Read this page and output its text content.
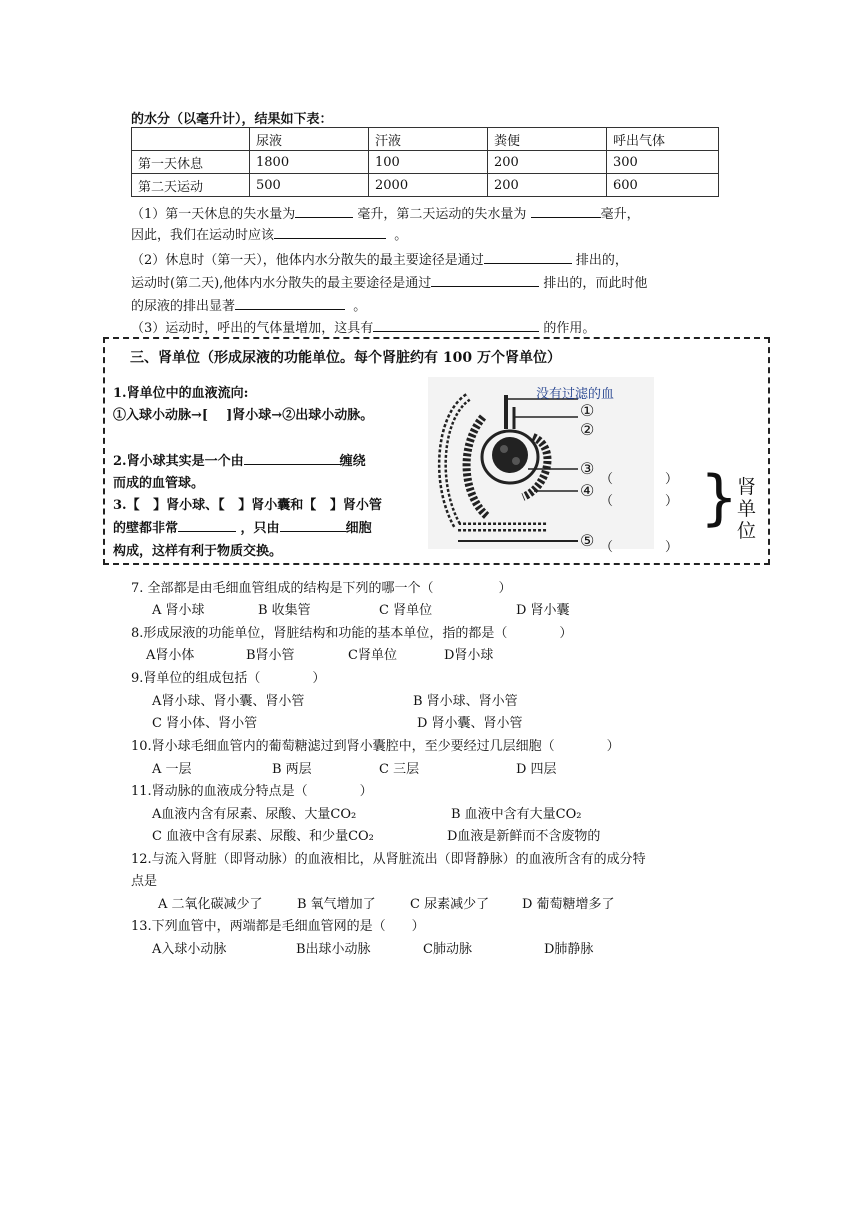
的水分（以毫升计），结果如下表：
	尿液	汗液	粪便	呼出气体
第一天休息	1800	100	200	300
第二天运动	500	2000	200	600
（1）第一天休息的失水量为	毫升，第二天运动的失水量为	毫升，
因此，我们在运动时应该	。
（2）休息时（第一天），他体内水分散失的最主要途径是通过	排出的，
运动时(第二天),他体内水分散失的最主要途径是通过	排出的，而此时他
的尿液的排出显著	。
（3）运动时，呼出的气体量增加，这具有	的作用。
三、肾单位（形成尿液的功能单位。每个肾脏约有 100 万个肾单位）
1.肾单位中的血液流向:
①入球小动脉→[ ]肾小球→②出球小动脉。
2.肾小球其实是一个由	缠绕
而成的血管球。
3.【 】肾小球、【 】肾小囊和【 】肾小管
的壁都非常	，只由	细胞
构成，这样有利于物质交换。
没有过滤的血
①
②
③
④
⑤
（　　　　）
（　　　　）
（　　　　）
}
肾单位
7. 全部都是由毛细血管组成的结构是下列的哪一个（　　　　　）
A 肾小球	B 收集管	C 肾单位	D 肾小囊
8.形成尿液的功能单位，肾脏结构和功能的基本单位，指的都是（　　　　）
A肾小体	B肾小管	C肾单位	D肾小球
9.肾单位的组成包括（　　　　）
A肾小球、肾小囊、肾小管	B 肾小球、肾小管
C 肾小体、肾小管	D 肾小囊、肾小管
10.肾小球毛细血管内的葡萄糖滤过到肾小囊腔中，至少要经过几层细胞（　　　　）
A 一层	B 两层	C 三层	D 四层
11.肾动脉的血液成分特点是（　　　　）
A血液内含有尿素、尿酸、大量CO₂	B 血液中含有大量CO₂
C 血液中含有尿素、尿酸、和少量CO₂	D血液是新鲜而不含废物的
12.与流入肾脏（即肾动脉）的血液相比，从肾脏流出（即肾静脉）的血液所含有的成分特
点是
A 二氧化碳减少了	B 氧气增加了	C 尿素减少了	D 葡萄糖增多了
13.下列血管中，两端都是毛细血管网的是（　　）
A入球小动脉	B出球小动脉	C肺动脉	D肺静脉
